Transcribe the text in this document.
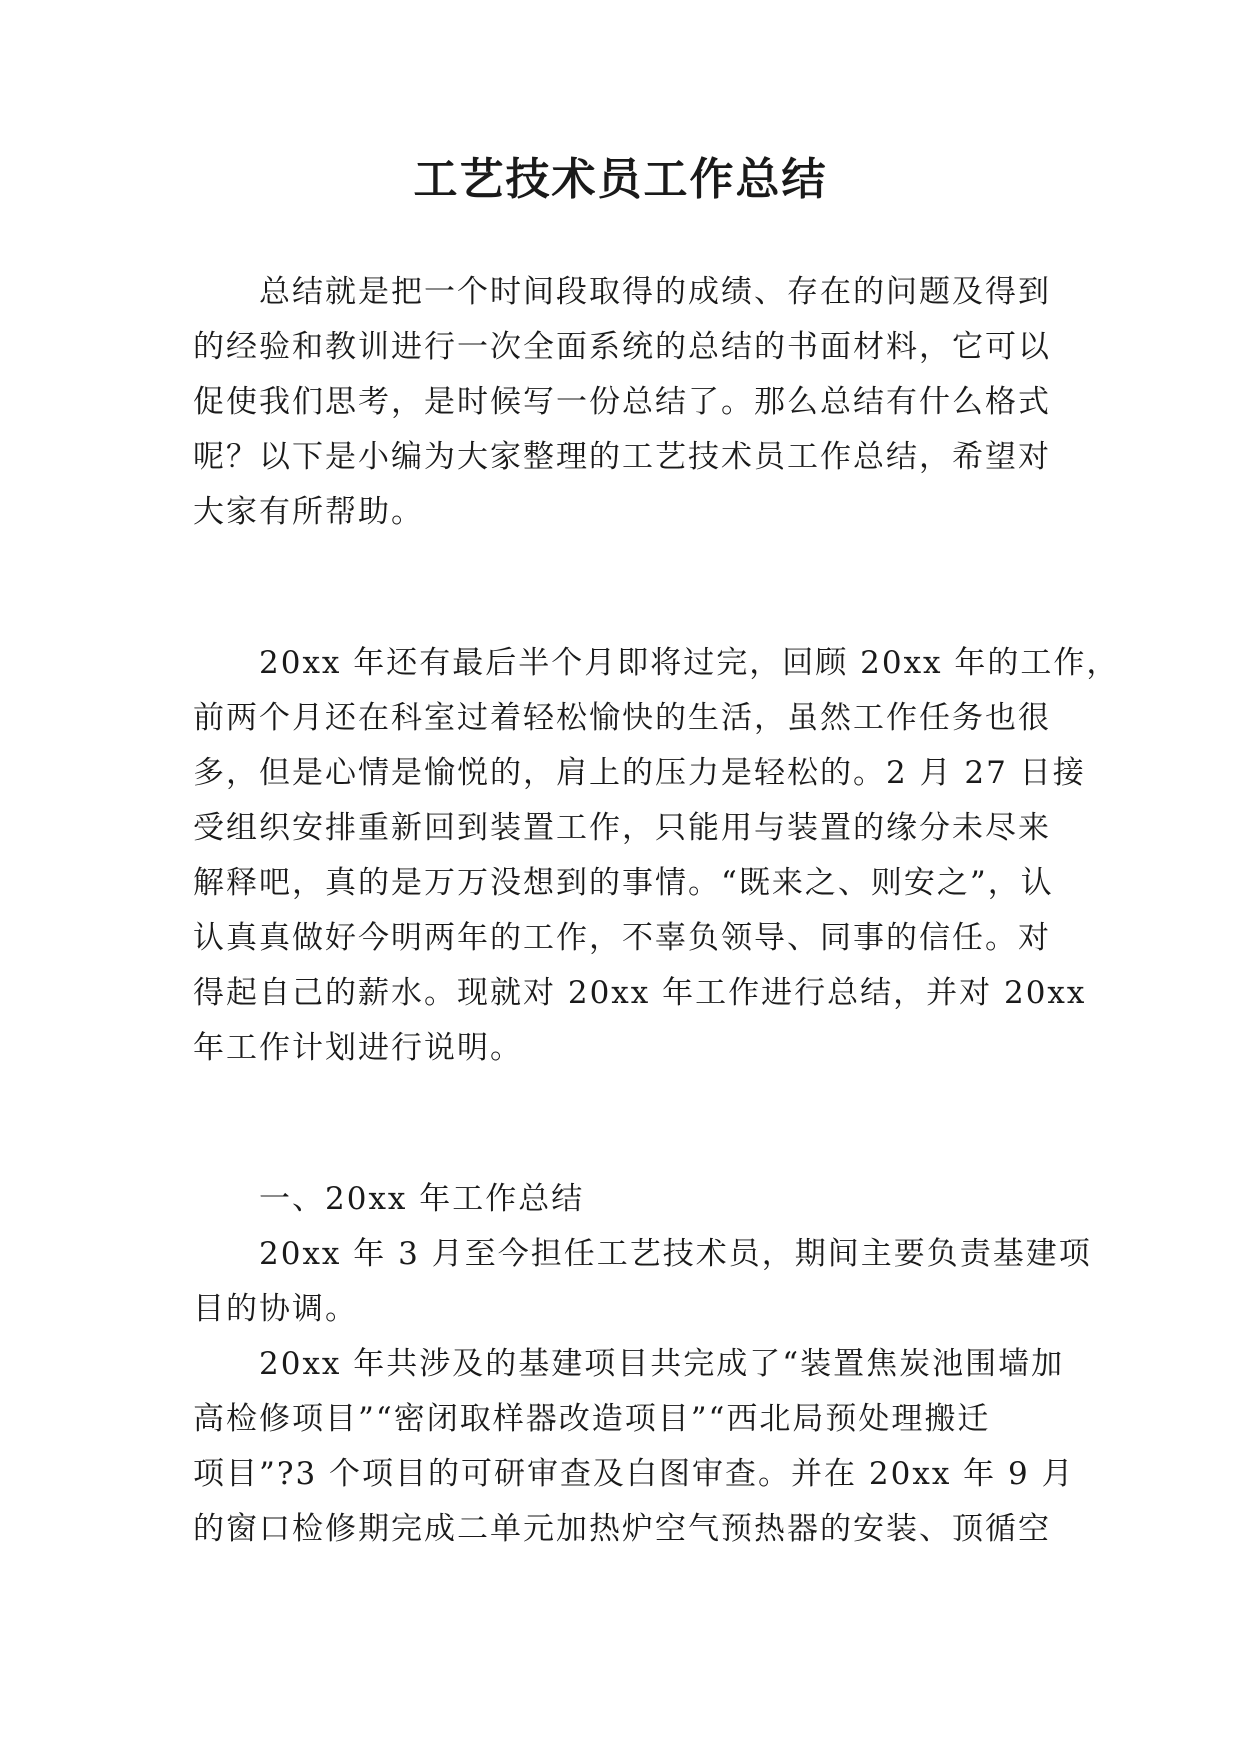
工艺技术员工作总结
总结就是把一个时间段取得的成绩、存在的问题及得到
的经验和教训进行一次全面系统的总结的书面材料，它可以
促使我们思考，是时候写一份总结了。那么总结有什么格式
呢？以下是小编为大家整理的工艺技术员工作总结，希望对
大家有所帮助。
20xx 年还有最后半个月即将过完，回顾 20xx 年的工作，
前两个月还在科室过着轻松愉快的生活，虽然工作任务也很
多，但是心情是愉悦的，肩上的压力是轻松的。2 月 27 日接
受组织安排重新回到装置工作，只能用与装置的缘分未尽来
解释吧，真的是万万没想到的事情。“既来之、则安之”，认
认真真做好今明两年的工作，不辜负领导、同事的信任。对
得起自己的薪水。现就对 20xx 年工作进行总结，并对 20xx
年工作计划进行说明。
一、20xx 年工作总结
20xx 年 3 月至今担任工艺技术员，期间主要负责基建项
目的协调。
20xx 年共涉及的基建项目共完成了“装置焦炭池围墙加
高检修项目”“密闭取样器改造项目”“西北局预处理搬迁
项目”?3 个项目的可研审查及白图审查。并在 20xx 年 9 月
的窗口检修期完成二单元加热炉空气预热器的安装、顶循空
